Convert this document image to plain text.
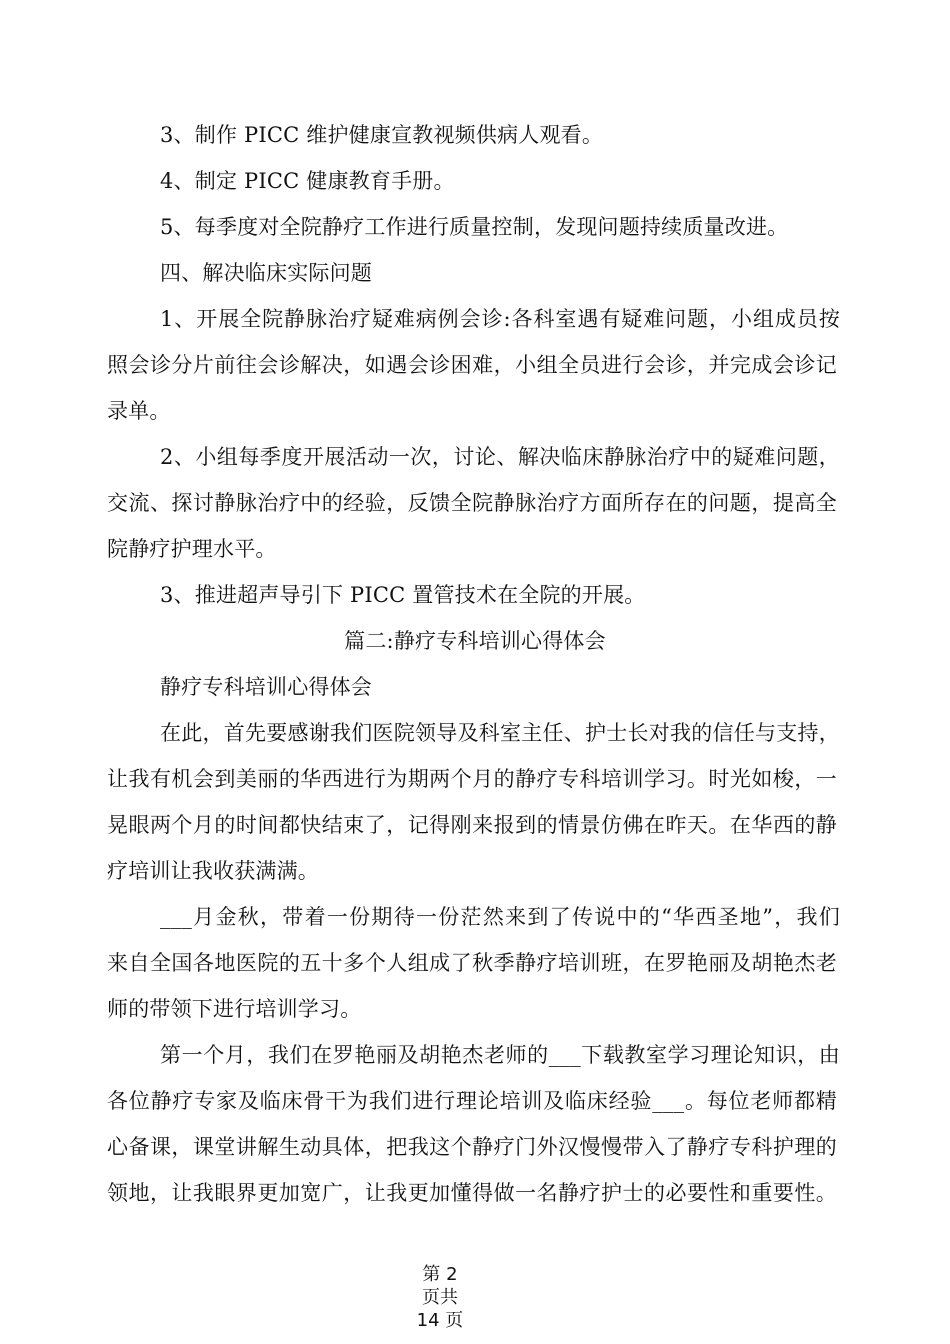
3、制作 PICC 维护健康宣教视频供病人观看。
4、制定 PICC 健康教育手册。
5、每季度对全院静疗工作进行质量控制，发现问题持续质量改进。
四、解决临床实际问题
1、开展全院静脉治疗疑难病例会诊:各科室遇有疑难问题，小组成员按
照会诊分片前往会诊解决，如遇会诊困难，小组全员进行会诊，并完成会诊记
录单。
2、小组每季度开展活动一次，讨论、解决临床静脉治疗中的疑难问题，
交流、探讨静脉治疗中的经验，反馈全院静脉治疗方面所存在的问题，提高全
院静疗护理水平。
3、推进超声导引下 PICC 置管技术在全院的开展。
篇二:静疗专科培训心得体会
静疗专科培训心得体会
在此，首先要感谢我们医院领导及科室主任、护士长对我的信任与支持，
让我有机会到美丽的华西进行为期两个月的静疗专科培训学习。时光如梭，一
晃眼两个月的时间都快结束了，记得刚来报到的情景仿佛在昨天。在华西的静
疗培训让我收获满满。
___月金秋，带着一份期待一份茫然来到了传说中的“华西圣地”，我们
来自全国各地医院的五十多个人组成了秋季静疗培训班，在罗艳丽及胡艳杰老
师的带领下进行培训学习。
第一个月，我们在罗艳丽及胡艳杰老师的___下载教室学习理论知识，由
各位静疗专家及临床骨干为我们进行理论培训及临床经验___。每位老师都精
心备课，课堂讲解生动具体，把我这个静疗门外汉慢慢带入了静疗专科护理的
领地，让我眼界更加宽广，让我更加懂得做一名静疗护士的必要性和重要性。
第 2
页共
14 页
